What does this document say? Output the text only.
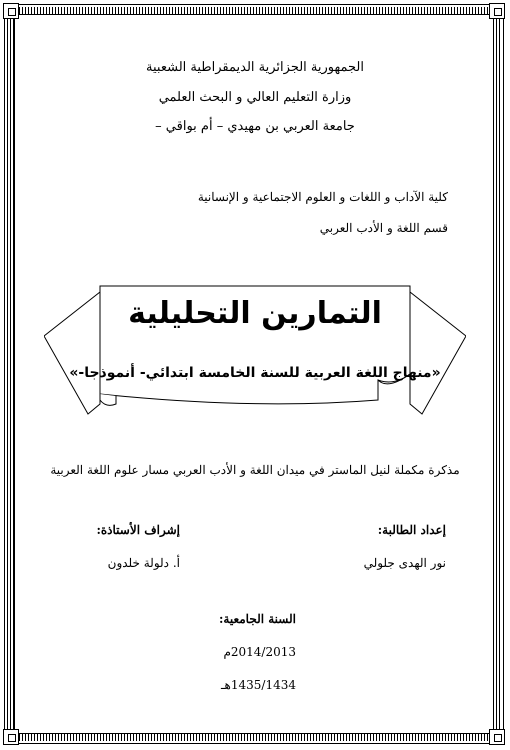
الجمهورية الجزائرية الديمقراطية الشعبية
وزارة التعليم العالي و البحث العلمي
جامعة العربي بن مهيدي – أم بواقي –
كلية الآداب و اللغات و العلوم الاجتماعية و الإنسانية
قسم اللغة و الأدب العربي
التمارين التحليلية
«منهاج اللغة العربية للسنة الخامسة ابتدائي- أنموذجا-»
مذكرة مكملة لنيل الماستر في ميدان اللغة و الأدب العربي مسار علوم اللغة العربية
إعداد الطالبة:
نور الهدى جلولي
إشراف الأستاذة:
أ. دلولة خلدون
السنة الجامعية:
2014/2013م
1435/1434هـ
